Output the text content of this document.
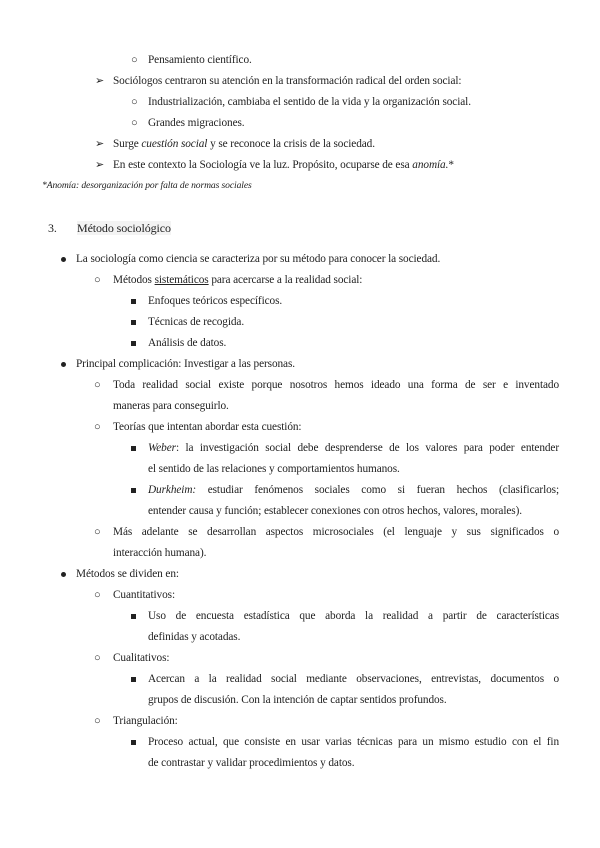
○ Pensamiento científico.
➢ Sociólogos centraron su atención en la transformación radical del orden social:
○ Industrialización, cambiaba el sentido de la vida y la organización social.
○ Grandes migraciones.
➢ Surge cuestión social y se reconoce la crisis de la sociedad.
➢ En este contexto la Sociología ve la luz. Propósito, ocuparse de esa anomía.*
*Anomía: desorganización por falta de normas sociales
3. Método sociológico
La sociología como ciencia se caracteriza por su método para conocer la sociedad.
○ Métodos sistemáticos para acercarse a la realidad social:
Enfoques teóricos específicos.
Técnicas de recogida.
Análisis de datos.
Principal complicación: Investigar a las personas.
○ Toda realidad social existe porque nosotros hemos ideado una forma de ser e inventado
maneras para conseguirlo.
○ Teorías que intentan abordar esta cuestión:
Weber: la investigación social debe desprenderse de los valores para poder entender
el sentido de las relaciones y comportamientos humanos.
Durkheim: estudiar fenómenos sociales como si fueran hechos (clasificarlos;
entender causa y función; establecer conexiones con otros hechos, valores, morales).
○ Más adelante se desarrollan aspectos microsociales (el lenguaje y sus significados o
interacción humana).
Métodos se dividen en:
○ Cuantitativos:
Uso de encuesta estadística que aborda la realidad a partir de características
definidas y acotadas.
○ Cualitativos:
Acercan a la realidad social mediante observaciones, entrevistas, documentos o
grupos de discusión. Con la intención de captar sentidos profundos.
○ Triangulación:
Proceso actual, que consiste en usar varias técnicas para un mismo estudio con el fin
de contrastar y validar procedimientos y datos.
